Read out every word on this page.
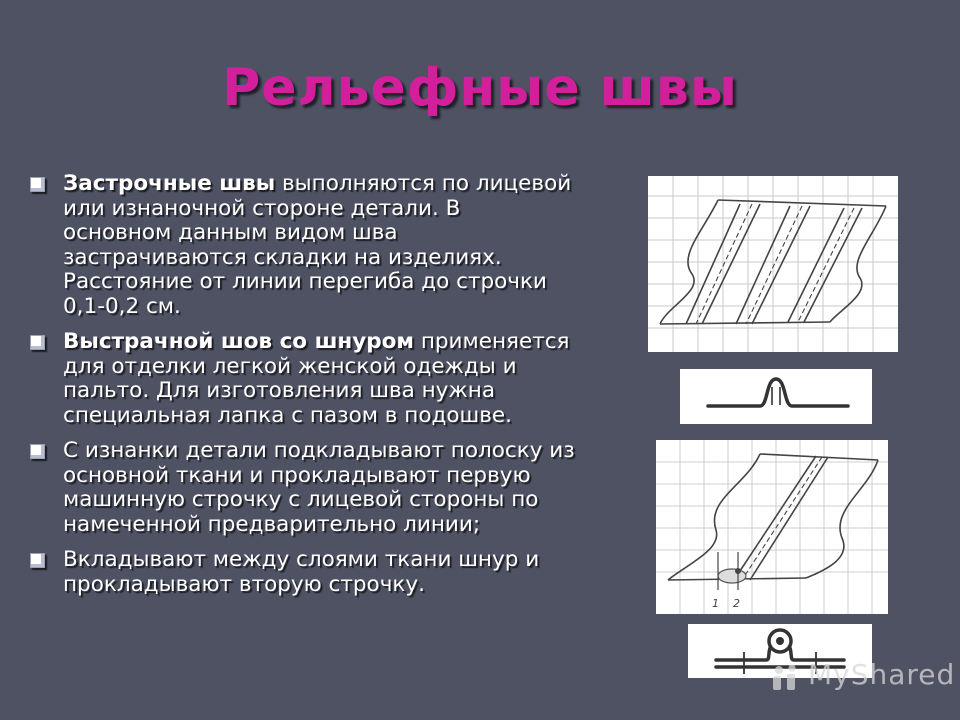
Рельефные швы
Застрочные швы выполняются по лицевой или изнаночной стороне детали. В основном данным видом шва застрачиваются складки на изделиях. Расстояние от линии перегиба до строчки 0,1-0,2 см.
Выстрачной шов со шнуром применяется для отделки легкой женской одежды и пальто. Для изготовления шва нужна специальная лапка с пазом в подошве.
С изнанки детали подкладывают полоску из основной ткани и прокладывают первую машинную строчку с лицевой стороны по намеченной предварительно линии;
Вкладывают между слоями ткани шнур и прокладывают вторую строчку.
1 2
MyShared
